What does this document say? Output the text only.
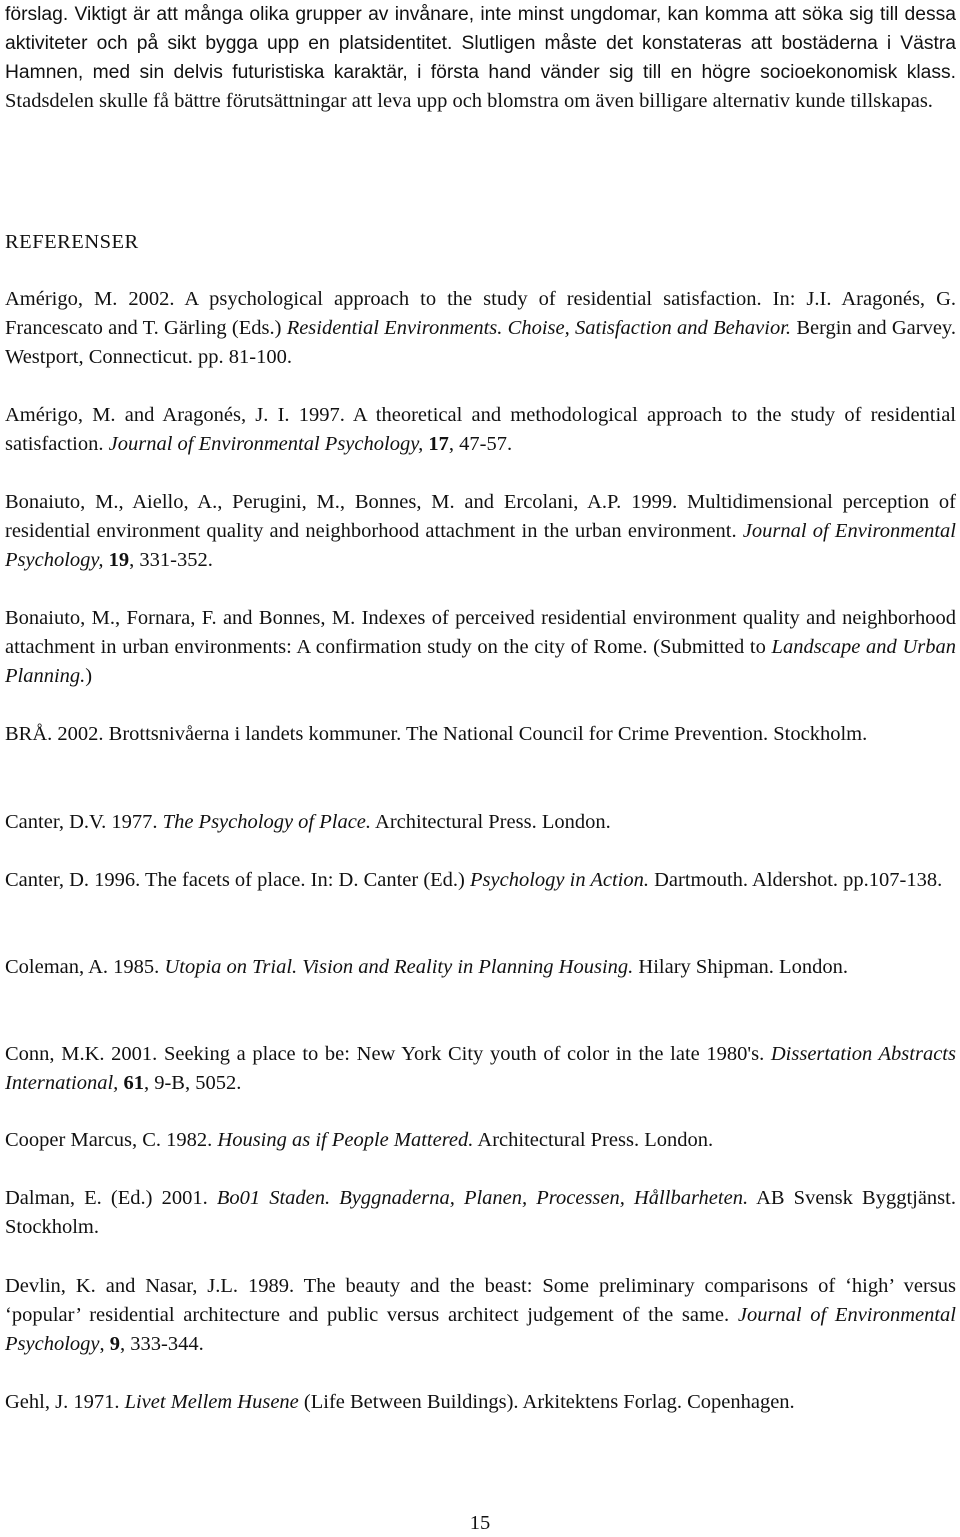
förslag. Viktigt är att många olika grupper av invånare, inte minst ungdomar, kan komma att söka sig till dessa aktiviteter och på sikt bygga upp en platsidentitet. Slutligen måste det konstateras att bostäderna i Västra Hamnen, med sin delvis futuristiska karaktär, i första hand vänder sig till en högre socioekonomisk klass. Stadsdelen skulle få bättre förutsättningar att leva upp och blomstra om även billigare alternativ kunde tillskapas.

REFERENSER

Amérigo, M. 2002. A psychological approach to the study of residential satisfaction. In: J.I. Aragonés, G. Francescato and T. Gärling (Eds.) Residential Environments. Choise, Satisfaction and Behavior. Bergin and Garvey. Westport, Connecticut. pp. 81-100.

Amérigo, M. and Aragonés, J. I. 1997. A theoretical and methodological approach to the study of residential satisfaction. Journal of Environmental Psychology, 17, 47-57.

Bonaiuto, M., Aiello, A., Perugini, M., Bonnes, M. and Ercolani, A.P. 1999. Multidimensional perception of residential environment quality and neighborhood attachment in the urban environment. Journal of Environmental Psychology, 19, 331-352.

Bonaiuto, M., Fornara, F. and Bonnes, M. Indexes of perceived residential environment quality and neighborhood attachment in urban environments: A confirmation study on the city of Rome. (Submitted to Landscape and Urban Planning.)

BRÅ. 2002. Brottsnivåerna i landets kommuner. The National Council for Crime Prevention. Stockholm.

Canter, D.V. 1977. The Psychology of Place. Architectural Press. London.

Canter, D. 1996. The facets of place. In: D. Canter (Ed.) Psychology in Action. Dartmouth. Aldershot. pp.107-138.

Coleman, A. 1985. Utopia on Trial. Vision and Reality in Planning Housing. Hilary Shipman. London.

Conn, M.K. 2001. Seeking a place to be: New York City youth of color in the late 1980's. Dissertation Abstracts International, 61, 9-B, 5052.

Cooper Marcus, C. 1982. Housing as if People Mattered. Architectural Press. London.

Dalman, E. (Ed.) 2001. Bo01 Staden. Byggnaderna, Planen, Processen, Hållbarheten. AB Svensk Byggtjänst. Stockholm.

Devlin, K. and Nasar, J.L. 1989. The beauty and the beast: Some preliminary comparisons of ‘high’ versus ‘popular’ residential architecture and public versus architect judgement of the same. Journal of Environmental Psychology, 9, 333-344.

Gehl, J. 1971. Livet Mellem Husene (Life Between Buildings). Arkitektens Forlag. Copenhagen.

15
